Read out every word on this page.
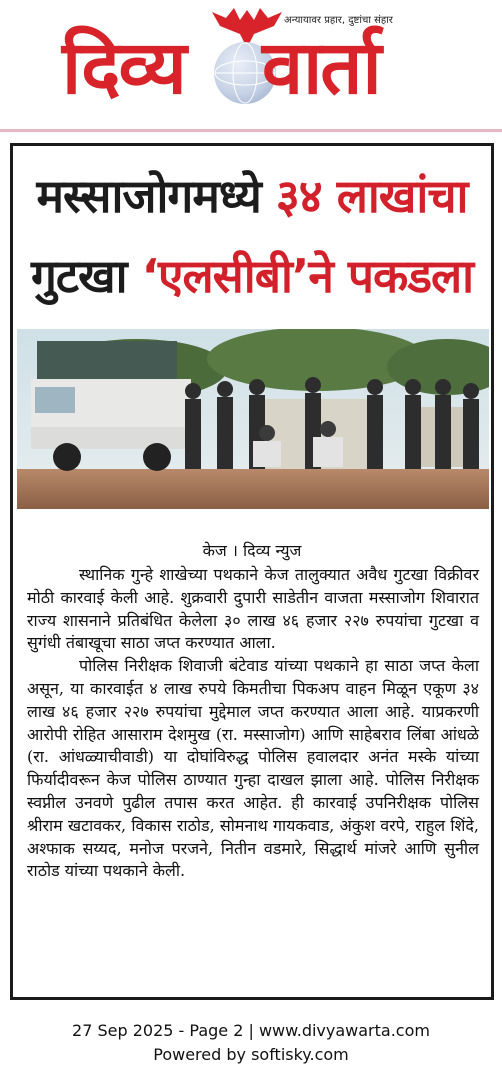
दिव्य वार्ता
अन्यायावर प्रहार, दुष्टांचा संहार
मस्साजोगमध्ये ३४ लाखांचा
गुटखा ‘एलसीबी’ने पकडला
केज । दिव्य न्युज

स्थानिक गुन्हे शाखेच्या पथकाने केज तालुक्यात अवैध गुटखा विक्रीवर मोठी कारवाई केली आहे. शुक्रवारी दुपारी साडेतीन वाजता मस्साजोग शिवारात राज्य शासनाने प्रतिबंधित केलेला ३० लाख ४६ हजार २२७ रुपयांचा गुटखा व सुगंधी तंबाखूचा साठा जप्त करण्यात आला.

पोलिस निरीक्षक शिवाजी बंटेवाड यांच्या पथकाने हा साठा जप्त केला असून, या कारवाईत ४ लाख रुपये किमतीचा पिकअप वाहन मिळून एकूण ३४ लाख ४६ हजार २२७ रुपयांचा मुद्देमाल जप्त करण्यात आला आहे. याप्रकरणी आरोपी रोहित आसाराम देशमुख (रा. मस्साजोग) आणि साहेबराव लिंबा आंधळे (रा. आंधळ्याचीवाडी) या दोघांविरुद्ध पोलिस हवालदार अनंत मस्के यांच्या फिर्यादीवरून केज पोलिस ठाण्यात गुन्हा दाखल झाला आहे. पोलिस निरीक्षक स्वप्नील उनवणे पुढील तपास करत आहेत. ही कारवाई उपनिरीक्षक पोलिस श्रीराम खटावकर, विकास राठोड, सोमनाथ गायकवाड, अंकुश वरपे, राहुल शिंदे, अश्फाक सय्यद, मनोज परजने, नितीन वडमारे, सिद्धार्थ मांजरे आणि सुनील राठोड यांच्या पथकाने केली.

27 Sep 2025 - Page 2 | www.divyawarta.com
Powered by softisky.com
